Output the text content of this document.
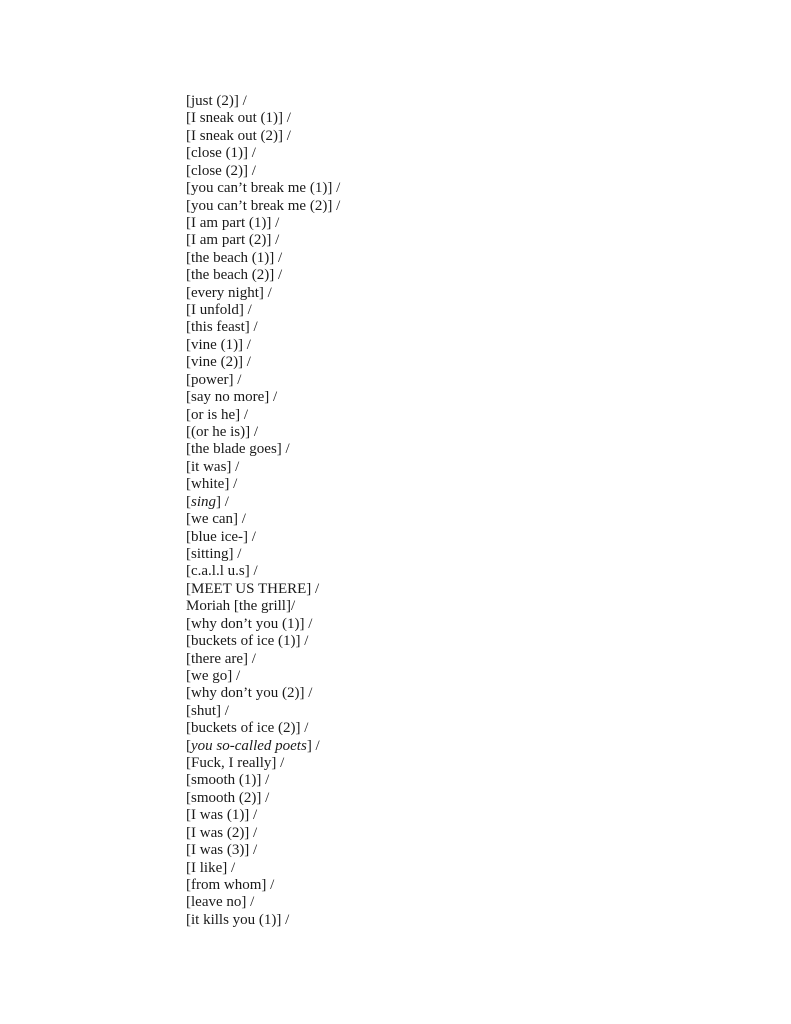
[just (2)] /
[I sneak out (1)] /
[I sneak out (2)] /
[close (1)] /
[close (2)] /
[you can’t break me (1)] /
[you can’t break me (2)] /
[I am part (1)] /
[I am part (2)] /
[the beach (1)] /
[the beach (2)] /
[every night] /
[I unfold] /
[this feast] /
[vine (1)] /
[vine (2)] /
[power] /
[say no more] /
[or is he] /
[(or he is)] /
[the blade goes] /
[it was] /
[white] /
[sing] /
[we can] /
[blue ice-] /
[sitting] /
[c.a.l.l u.s] /
[MEET US THERE] /
Moriah [the grill]/
[why don’t you (1)] /
[buckets of ice (1)] /
[there are] /
[we go] /
[why don’t you (2)] /
[shut] /
[buckets of ice (2)] /
[you so-called poets] /
[Fuck, I really] /
[smooth (1)] /
[smooth (2)] /
[I was (1)] /
[I was (2)] /
[I was (3)] /
[I like] /
[from whom] /
[leave no] /
[it kills you (1)] /
